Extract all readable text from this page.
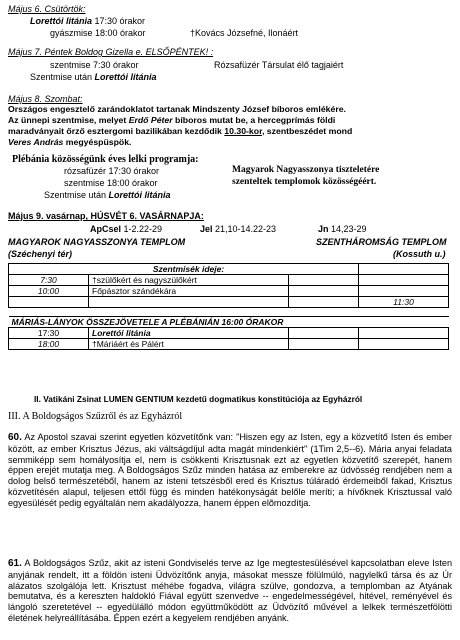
Május 6. Csütörtök:
Lorettói litánia 17:30 órakor
gyászmise 18:00 órakor	†Kovács Józsefné, Ilonáért
Május 7. Péntek Boldog Gizella e. ELSŐPÉNTEK! :
szentmise 7:30 órakor	Rózsafüzér Társulat élő tagjaiért
Szentmise után Lorettói litánia
Május 8. Szombat:
Országos engesztelő zarándoklatot tartanak Mindszenty József bíboros emlékére.
Az ünnepi szentmise, melyet Erdő Péter bíboros mutat be, a hercegprímás földi
maradványait őrző esztergomi bazilikában kezdődik 10.30-kor, szentbeszédet mond
Veres András megyéspüspök.
Plébánia közösségünk éves lelki programja:
rózsafüzér 17:30 órakor
szentmise 18:00 órakor
Szentmise után Lorettói litánia
Magyarok Nagyasszonya tiszteletére
szenteltek templomok közösségéért.
Május 9. vasárnap, HÚSVÉT 6. VASÁRNAPJA:
ApCsel 1-2.22-29	Jel 21,10-14.22-23	Jn 14,23-29
MAGYAROK NAGYASSZONYA TEMPLOM	SZENTHÁROMSÁG TEMPLOM
(Széchenyi tér)	(Kossuth u.)
		Szentmisék ideje:		
7:30		†szülőkért és nagyszülőkért		
10:00		Főpásztor szándékára		
				11:30

MÁRIÁS-LÁNYOK ÖSSZEJÖVETELE A PLÉBÁNIÁN 16:00 ÓRAKOR				
17:30		Lorettói litánia		
18:00		†Máriáért és Pálért		
II. Vatikáni Zsinat LUMEN GENTIUM kezdetű dogmatikus konstitúciója az Egyházról
III. A Boldogságos Szűzről és az Egyházról
60. Az Apostol szavai szerint egyetlen közvetítőnk van: "Hiszen egy az Isten, egy a közvetítő Isten és ember között, az ember Krisztus Jézus, aki váltságdíjul adta magát mindenkiért" (1Tim 2,5--6). Mária anyai feladata semmiképp sem homályosítja el, nem is csökkenti Krisztusnak ezt az egyetlen közvetítő szerepét, hanem éppen erejét mutatja meg. A Boldogságos Szűz minden hatása az emberekre az üdvösség rendjében nem a dolog belső természetéből, hanem az isteni tetszésből ered és Krisztus túláradó érdemeiből fakad, Krisztus közvetítésén alapul, teljesen ettől függ és minden hatékonyságát belőle meríti; a hívőknek Krisztussal való egyesülését pedig egyáltalán nem akadályozza, hanem éppen elõmozdítja.
61. A Boldogságos Szűz, akit az isteni Gondviselés terve az Ige megtestesülésével kapcsolatban eleve Isten anyjának rendelt, itt a földön isteni Üdvözítőnk anyja, másokat messze fölülmúló, nagylelkű társa és az Úr alázatos szolgálója lett. Krisztust méhébe fogadva, világra szülve, gondozva, a templomban az Atyának bemutatva, és a kereszten haldokló Fiával együtt szenvedve -- engedelmességével, hitével, reményével és lángoló szeretetével -- egyedülálló módon együttműködött az Üdvözítő művével a lelkek természetfölötti életének helyreállításába. Éppen ezért a kegyelem rendjében anyánk.
